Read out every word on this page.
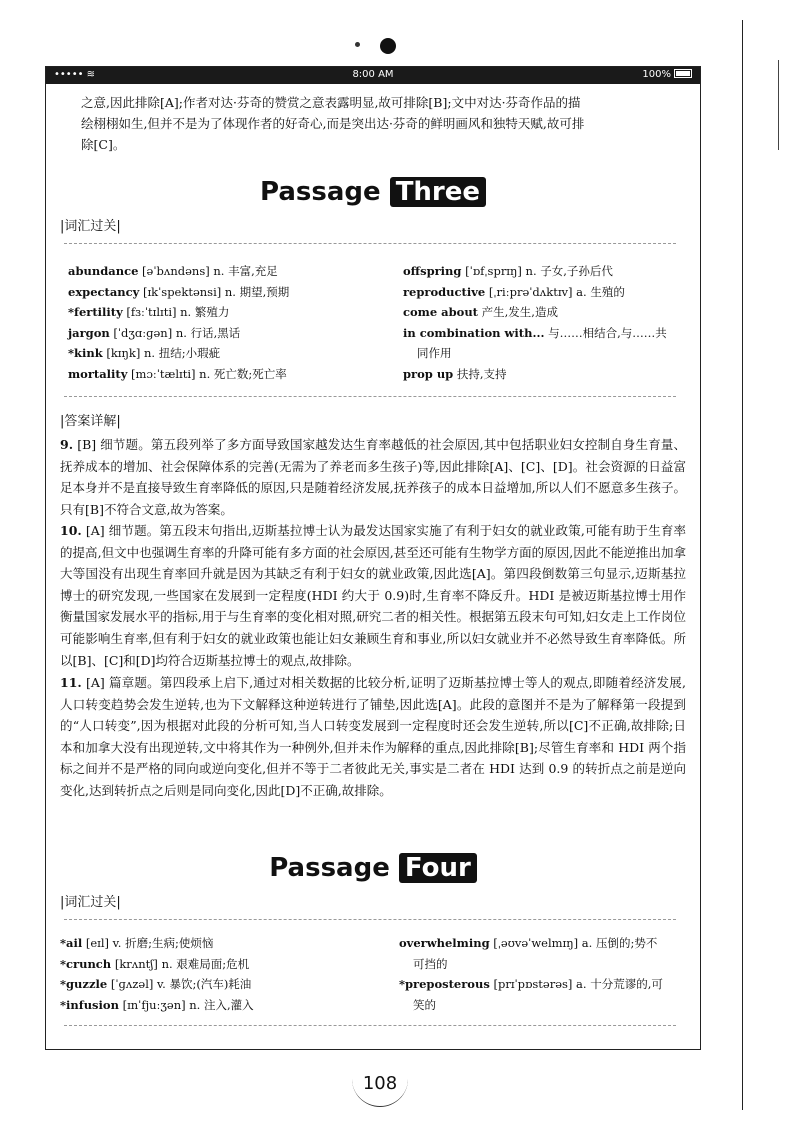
••••• ≋	8:00 AM	100%
之意,因此排除[A];作者对达·芬奇的赞赏之意表露明显,故可排除[B];文中对达·芬奇作品的描
绘栩栩如生,但并不是为了体现作者的好奇心,而是突出达·芬奇的鲜明画风和独特天赋,故可排
除[C]。
Passage Three
|词汇过关|
abundance [əˈbʌndəns] n. 丰富,充足
expectancy [ɪkˈspektənsi] n. 期望,预期
*fertility [fɜːˈtɪlɪti] n. 繁殖力
jargon [ˈdʒɑːɡən] n. 行话,黑话
*kink [kɪŋk] n. 扭结;小瑕疵
mortality [mɔːˈtælɪti] n. 死亡数;死亡率
offspring [ˈɒfˌsprɪŋ] n. 子女,子孙后代
reproductive [ˌriːprəˈdʌktɪv] a. 生殖的
come about 产生,发生,造成
in combination with... 与……相结合,与……共
同作用
prop up 扶持,支持
|答案详解|
9. [B] 细节题。第五段列举了多方面导致国家越发达生育率越低的社会原因,其中包括职业妇女控制自身生育量、抚养成本的增加、社会保障体系的完善(无需为了养老而多生孩子)等,因此排除[A]、[C]、[D]。社会资源的日益富足本身并不是直接导致生育率降低的原因,只是随着经济发展,抚养孩子的成本日益增加,所以人们不愿意多生孩子。只有[B]不符合文意,故为答案。
10. [A] 细节题。第五段末句指出,迈斯基拉博士认为最发达国家实施了有利于妇女的就业政策,可能有助于生育率的提高,但文中也强调生育率的升降可能有多方面的社会原因,甚至还可能有生物学方面的原因,因此不能逆推出加拿大等国没有出现生育率回升就是因为其缺乏有利于妇女的就业政策,因此选[A]。第四段倒数第三句显示,迈斯基拉博士的研究发现,一些国家在发展到一定程度(HDI 约大于 0.9)时,生育率不降反升。HDI 是被迈斯基拉博士用作衡量国家发展水平的指标,用于与生育率的变化相对照,研究二者的相关性。根据第五段末句可知,妇女走上工作岗位可能影响生育率,但有利于妇女的就业政策也能让妇女兼顾生育和事业,所以妇女就业并不必然导致生育率降低。所以[B]、[C]和[D]均符合迈斯基拉博士的观点,故排除。
11. [A] 篇章题。第四段承上启下,通过对相关数据的比较分析,证明了迈斯基拉博士等人的观点,即随着经济发展,人口转变趋势会发生逆转,也为下文解释这种逆转进行了铺垫,因此选[A]。此段的意图并不是为了解释第一段提到的“人口转变”,因为根据对此段的分析可知,当人口转变发展到一定程度时还会发生逆转,所以[C]不正确,故排除;日本和加拿大没有出现逆转,文中将其作为一种例外,但并未作为解释的重点,因此排除[B];尽管生育率和 HDI 两个指标之间并不是严格的同向或逆向变化,但并不等于二者彼此无关,事实是二者在 HDI 达到 0.9 的转折点之前是逆向变化,达到转折点之后则是同向变化,因此[D]不正确,故排除。
Passage Four
|词汇过关|
*ail [eɪl] v. 折磨;生病;使烦恼
*crunch [krʌntʃ] n. 艰难局面;危机
*guzzle [ˈɡʌzəl] v. 暴饮;(汽车)耗油
*infusion [ɪnˈfjuːʒən] n. 注入,灌入
overwhelming [ˌəʊvəˈwelmɪŋ] a. 压倒的;势不
可挡的
*preposterous [prɪˈpɒstərəs] a. 十分荒谬的,可
笑的
108
